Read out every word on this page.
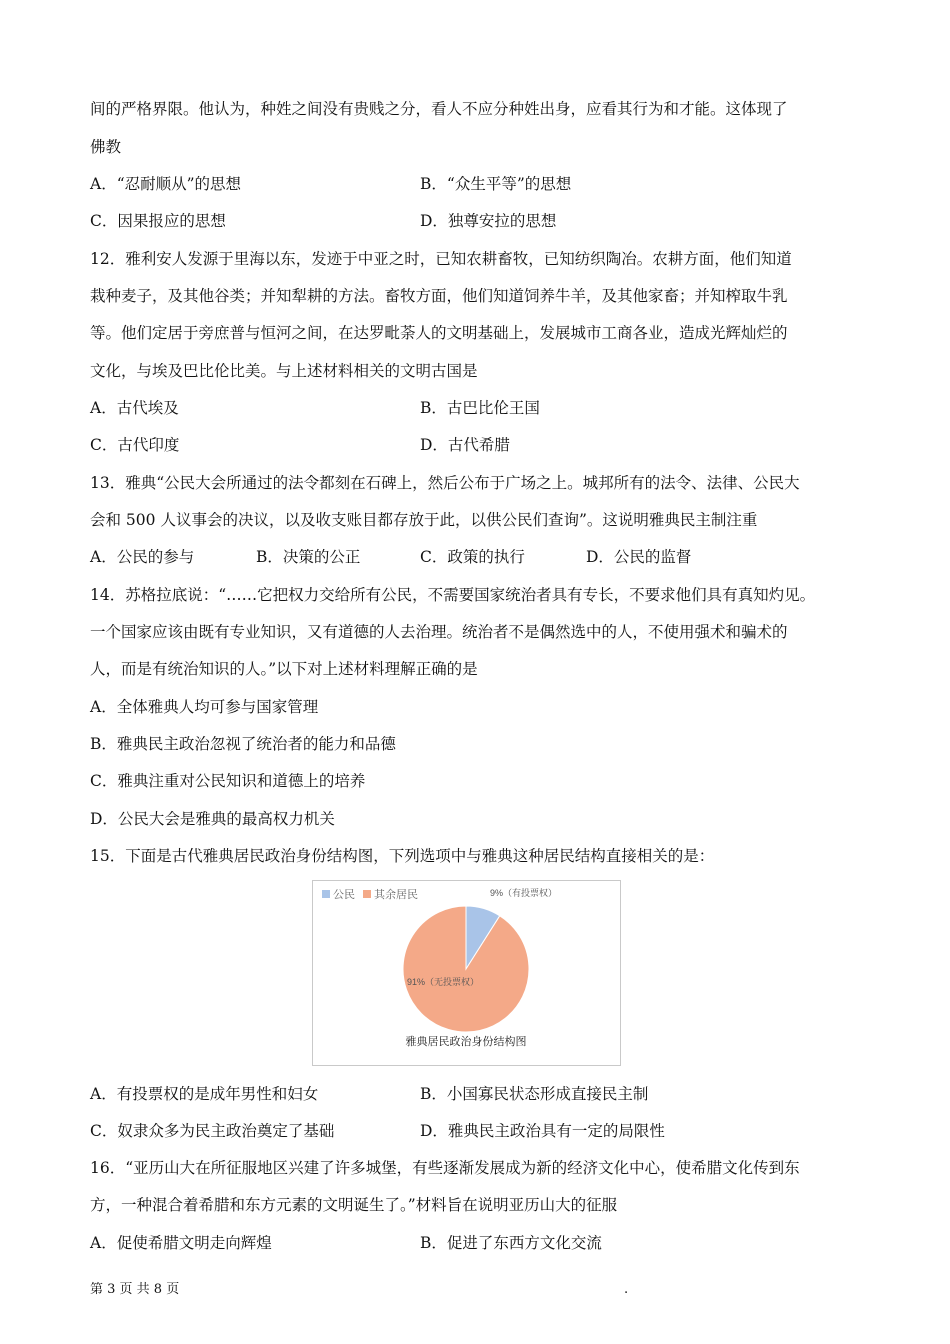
间的严格界限。他认为，种姓之间没有贵贱之分，看人不应分种姓出身，应看其行为和才能。这体现了
佛教
A．“忍耐顺从”的思想	B．“众生平等”的思想
C．因果报应的思想	D．独尊安拉的思想
12．雅利安人发源于里海以东，发迹于中亚之时，已知农耕畜牧，已知纺织陶冶。农耕方面，他们知道
栽种麦子，及其他谷类；并知犁耕的方法。畜牧方面，他们知道饲养牛羊，及其他家畜；并知榨取牛乳
等。他们定居于旁庶普与恒河之间，在达罗毗荼人的文明基础上，发展城市工商各业，造成光辉灿烂的
文化，与埃及巴比伦比美。与上述材料相关的文明古国是
A．古代埃及	B．古巴比伦王国
C．古代印度	D．古代希腊
13．雅典“公民大会所通过的法令都刻在石碑上，然后公布于广场之上。城邦所有的法令、法律、公民大
会和 500 人议事会的决议，以及收支账目都存放于此，以供公民们查询”。这说明雅典民主制注重
A．公民的参与	B．决策的公正	C．政策的执行	D．公民的监督
14．苏格拉底说：“……它把权力交给所有公民，不需要国家统治者具有专长，不要求他们具有真知灼见。
一个国家应该由既有专业知识，又有道德的人去治理。统治者不是偶然选中的人，不使用强术和骗术的
人，而是有统治知识的人。”以下对上述材料理解正确的是
A．全体雅典人均可参与国家管理
B．雅典民主政治忽视了统治者的能力和品德
C．雅典注重对公民知识和道德上的培养
D．公民大会是雅典的最高权力机关
15．下面是古代雅典居民政治身份结构图，下列选项中与雅典这种居民结构直接相关的是：
公民 其余居民	9%（有投票权）
91%（无投票权）
雅典居民政治身份结构图
A．有投票权的是成年男性和妇女	B．小国寡民状态形成直接民主制
C．奴隶众多为民主政治奠定了基础	D．雅典民主政治具有一定的局限性
16．“亚历山大在所征服地区兴建了许多城堡，有些逐渐发展成为新的经济文化中心，使希腊文化传到东
方，一种混合着希腊和东方元素的文明诞生了。”材料旨在说明亚历山大的征服
A．促使希腊文明走向辉煌	B．促进了东西方文化交流
第 3 页 共 8 页	.
